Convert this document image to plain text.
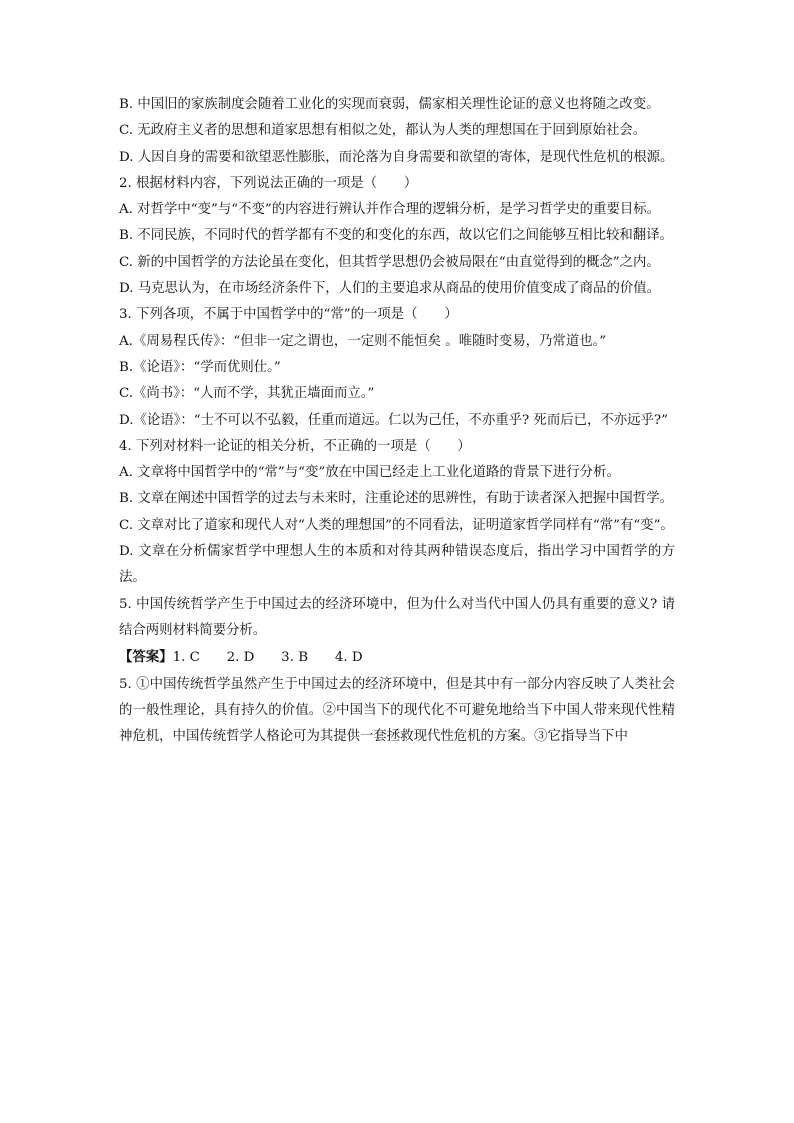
B. 中国旧的家族制度会随着工业化的实现而衰弱，儒家相关理性论证的意义也将随之改变。

C. 无政府主义者的思想和道家思想有相似之处，都认为人类的理想国在于回到原始社会。

D. 人因自身的需要和欲望恶性膨胀，而沦落为自身需要和欲望的寄体，是现代性危机的根源。

2. 根据材料内容，下列说法正确的一项是（　　）

A. 对哲学中“变”与“不变”的内容进行辨认并作合理的逻辑分析，是学习哲学史的重要目标。

B. 不同民族，不同时代的哲学都有不变的和变化的东西，故以它们之间能够互相比较和翻译。

C. 新的中国哲学的方法论虽在变化，但其哲学思想仍会被局限在“由直觉得到的概念”之内。

D. 马克思认为，在市场经济条件下，人们的主要追求从商品的使用价值变成了商品的价值。

3. 下列各项，不属于中国哲学中的“常”的一项是（　　）

A.《周易程氏传》：“但非一定之谓也，一定则不能恒矣 。唯随时变易，乃常道也。”

B.《论语》：“学而优则仕。”

C.《尚书》：“人而不学，其犹正墙面而立。”

D.《论语》：“士不可以不弘毅，任重而道远。仁以为己任，不亦重乎? 死而后已，不亦远乎?”

4. 下列对材料一论证的相关分析，不正确的一项是（　　）

A. 文章将中国哲学中的“常”与“变”放在中国已经走上工业化道路的背景下进行分析。

B. 文章在阐述中国哲学的过去与未来时，注重论述的思辨性，有助于读者深入把握中国哲学。

C. 文章对比了道家和现代人对“人类的理想国”的不同看法，证明道家哲学同样有“常”有“变”。

D. 文章在分析儒家哲学中理想人生的本质和对待其两种错误态度后，指出学习中国哲学的方法。

5. 中国传统哲学产生于中国过去的经济环境中，但为什么对当代中国人仍具有重要的意义? 请结合两则材料简要分析。

【答案】1. C　　2. D　　3. B　　4. D

5. ①中国传统哲学虽然产生于中国过去的经济环境中，但是其中有一部分内容反映了人类社会的一般性理论，具有持久的价值。②中国当下的现代化不可避免地给当下中国人带来现代性精神危机，中国传统哲学人格论可为其提供一套拯救现代性危机的方案。③它指导当下中
